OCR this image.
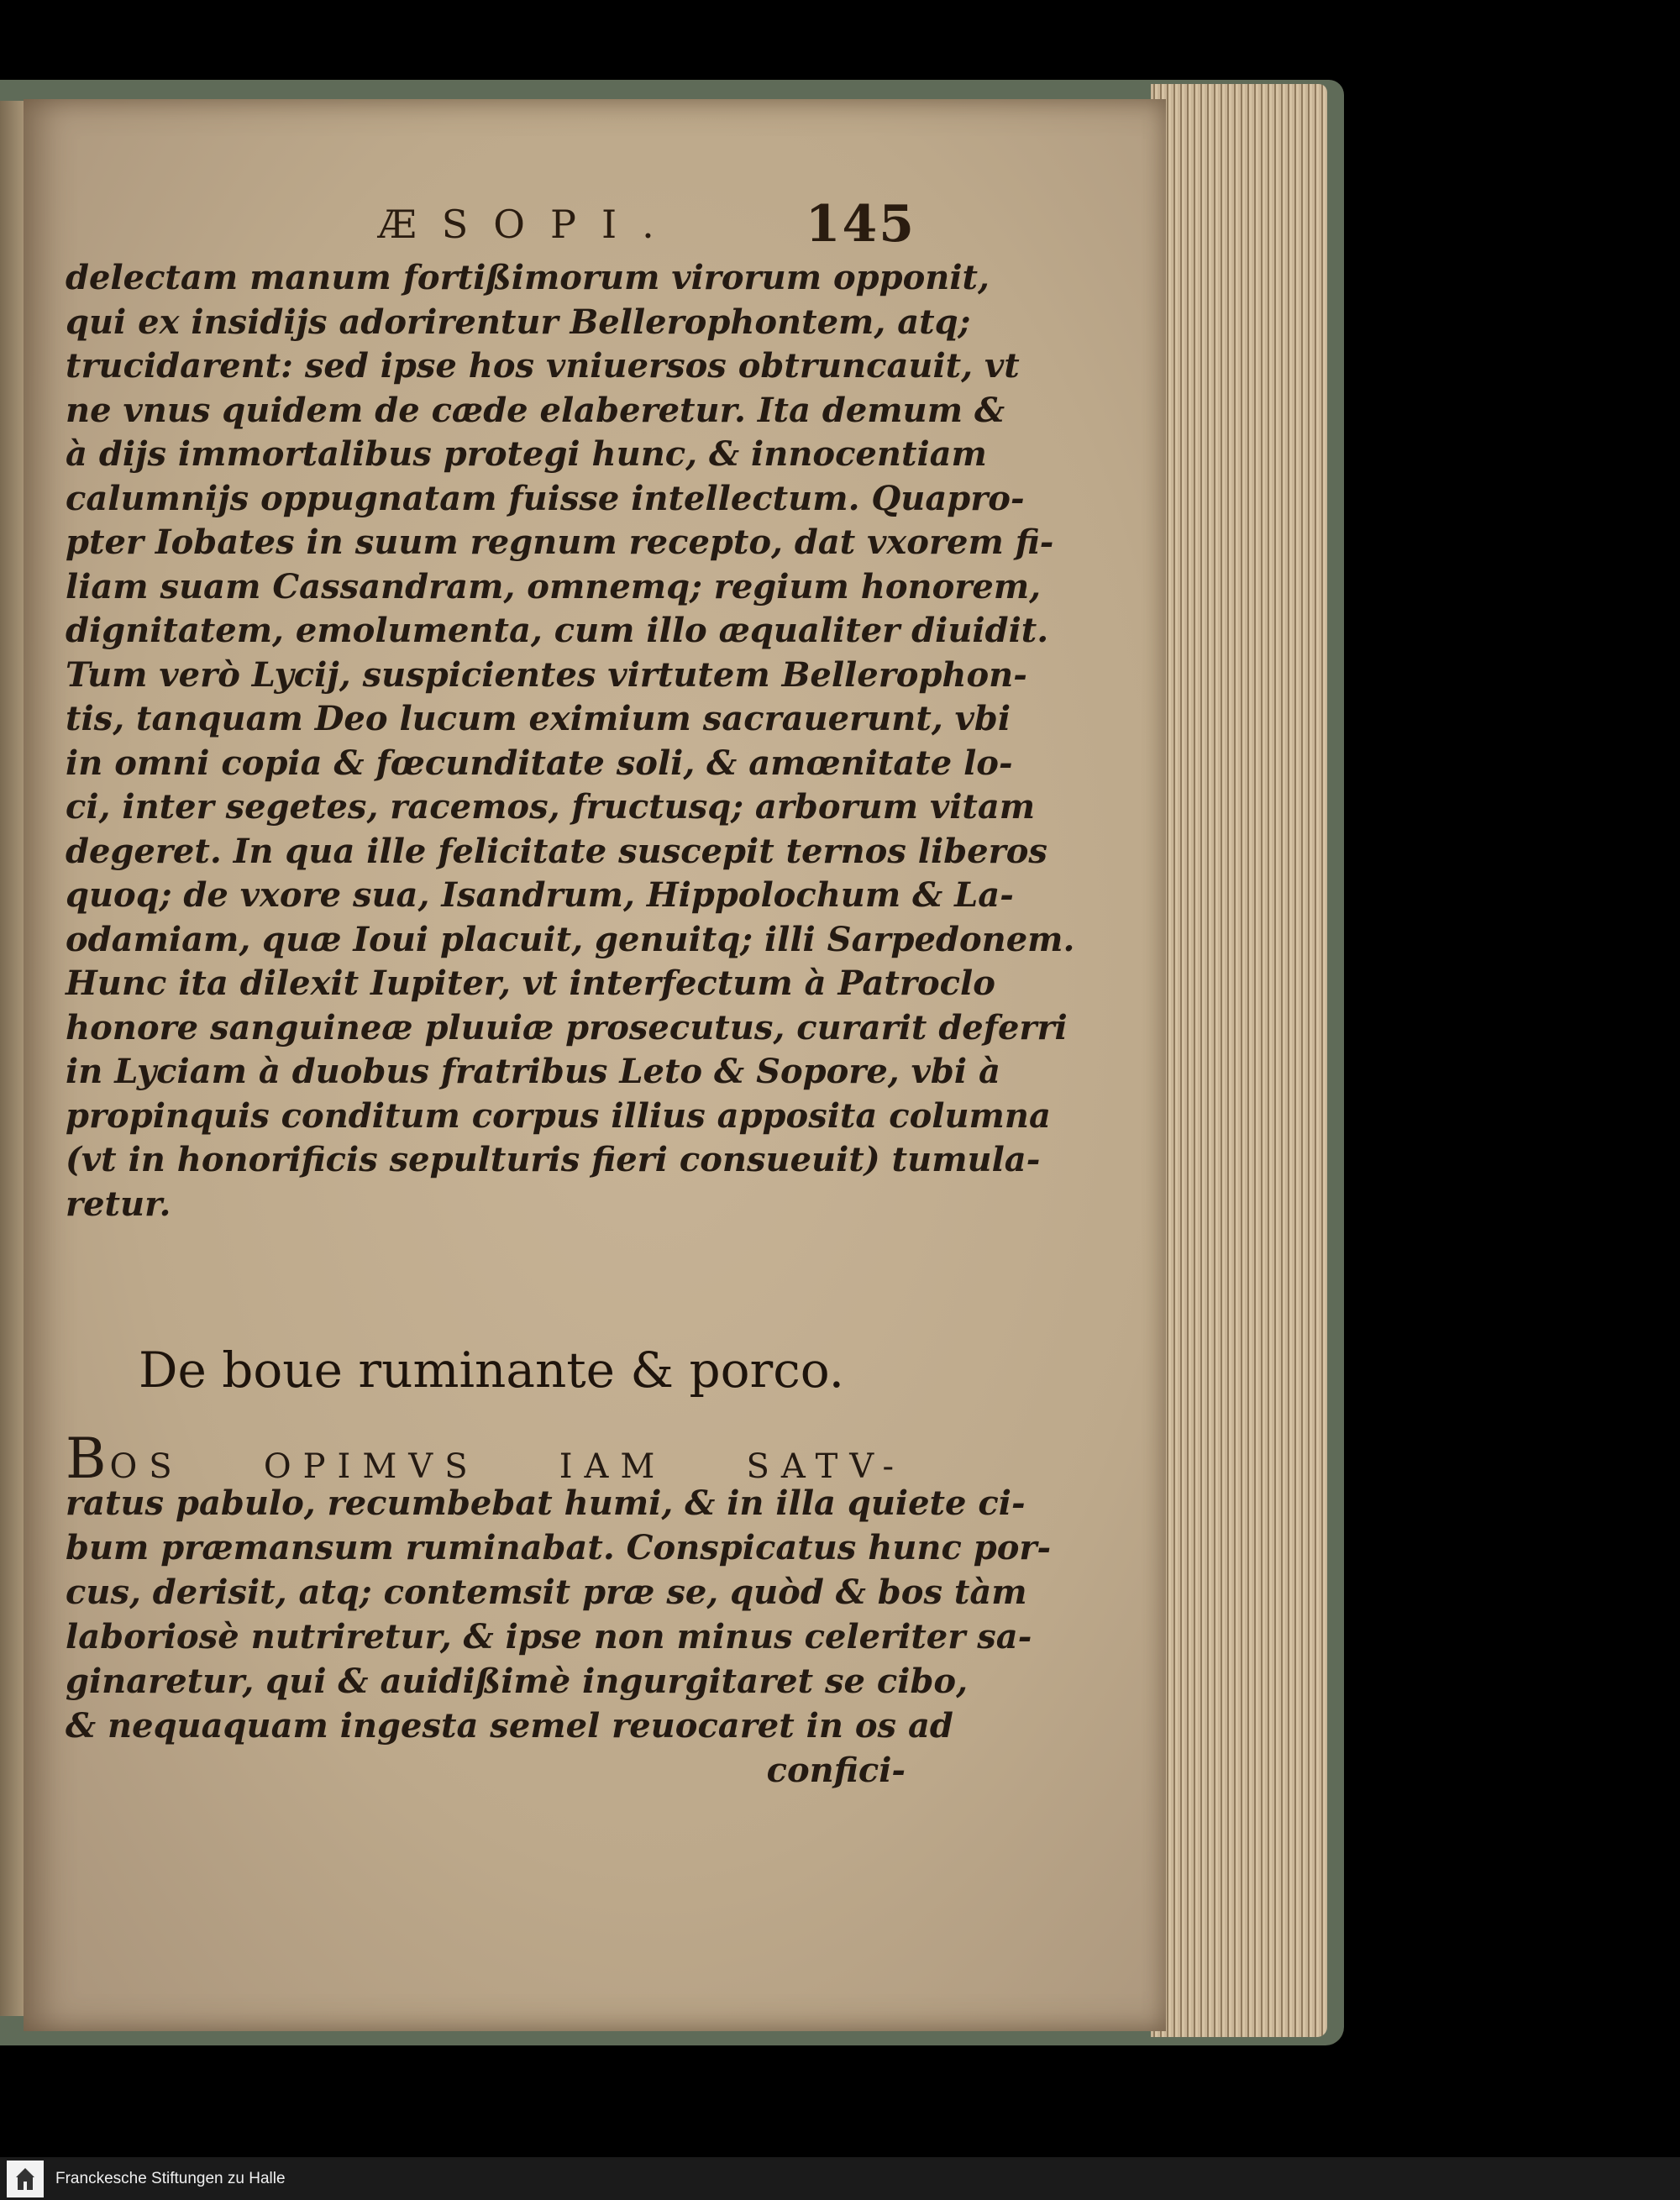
ÆSOPI.	145
delectam manum fortißimorum virorum opponit,
qui ex insidijs adorirentur Bellerophontem, atq;
trucidarent: sed ipse hos vniuersos obtruncauit, vt
ne vnus quidem de cæde elaberetur. Ita demum &
à dijs immortalibus protegi hunc, & innocentiam
calumnijs oppugnatam fuisse intellectum. Quapro-
pter Iobates in suum regnum recepto, dat vxorem fi-
liam suam Cassandram, omnemq; regium honorem,
dignitatem, emolumenta, cum illo æqualiter diuidit.
Tum verò Lycij, suspicientes virtutem Bellerophon-
tis, tanquam Deo lucum eximium sacrauerunt, vbi
in omni copia & fœcunditate soli, & amœnitate lo-
ci, inter segetes, racemos, fructusq; arborum vitam
degeret. In qua ille felicitate suscepit ternos liberos
quoq; de vxore sua, Isandrum, Hippolochum & La-
odamiam, quæ Ioui placuit, genuitq; illi Sarpedonem.
Hunc ita dilexit Iupiter, vt interfectum à Patroclo
honore sanguineæ pluuiæ prosecutus, curarit deferri
in Lyciam à duobus fratribus Leto & Sopore, vbi à
propinquis conditum corpus illius apposita columna
(vt in honorificis sepulturis fieri consueuit) tumula-
retur.
De boue ruminante & porco.
BOS OPIMVS IAM SATV-
ratus pabulo, recumbebat humi, & in illa quiete ci-
bum præmansum ruminabat. Conspicatus hunc por-
cus, derisit, atq; contemsit præ se, quòd & bos tàm
laboriosè nutriretur, & ipse non minus celeriter sa-
ginaretur, qui & auidißimè ingurgitaret se cibo,
& nequaquam ingesta semel reuocaret in os ad
confici-
Franckesche Stiftungen zu Halle
